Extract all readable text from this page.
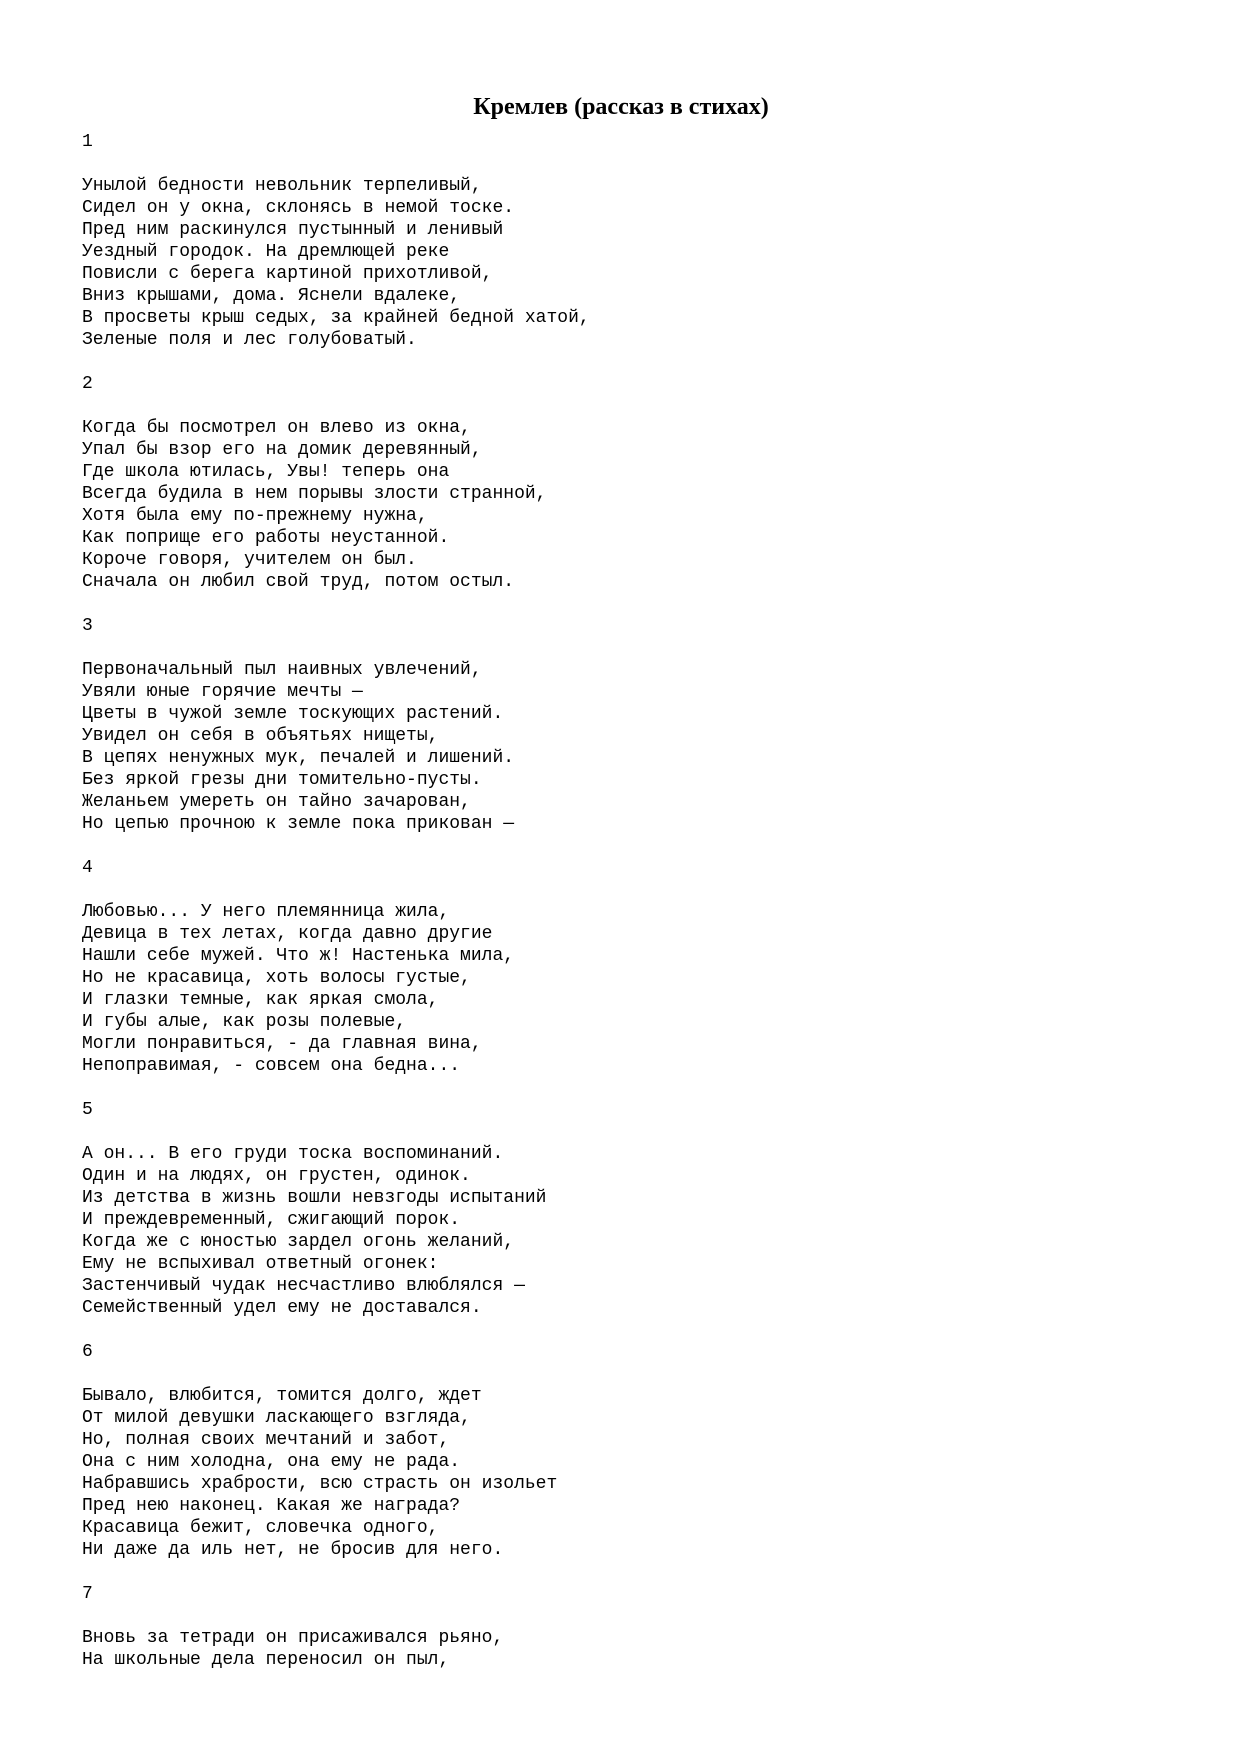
Кремлев (рассказ в стихах)
1
Унылой бедности невольник терпеливый,
Сидел он у окна, склонясь в немой тоске.
Пред ним раскинулся пустынный и ленивый
Уездный городок. На дремлющей реке
Повисли с берега картиной прихотливой,
Вниз крышами, дома. Яснели вдалеке,
В просветы крыш седых, за крайней бедной хатой,
Зеленые поля и лес голубоватый.
2
Когда бы посмотрел он влево из окна,
Упал бы взор его на домик деревянный,
Где школа ютилась, Увы! теперь она
Всегда будила в нем порывы злости странной,
Хотя была ему по-прежнему нужна,
Как поприще его работы неустанной.
Короче говоря, учителем он был.
Сначала он любил свой труд, потом остыл.
3
Первоначальный пыл наивных увлечений,
Увяли юные горячие мечты —
Цветы в чужой земле тоскующих растений.
Увидел он себя в объятьях нищеты,
В цепях ненужных мук, печалей и лишений.
Без яркой грезы дни томительно-пусты.
Желаньем умереть он тайно зачарован,
Но цепью прочною к земле пока прикован —
4
Любовью... У него племянница жила,
Девица в тех летах, когда давно другие
Нашли себе мужей. Что ж! Настенька мила,
Но не красавица, хоть волосы густые,
И глазки темные, как яркая смола,
И губы алые, как розы полевые,
Могли понравиться, - да главная вина,
Непоправимая, - совсем она бедна...
5
А он... В его груди тоска воспоминаний.
Один и на людях, он грустен, одинок.
Из детства в жизнь вошли невзгоды испытаний
И преждевременный, сжигающий порок.
Когда же с юностью зардел огонь желаний,
Ему не вспыхивал ответный огонек:
Застенчивый чудак несчастливо влюблялся —
Семейственный удел ему не доставался.
6
Бывало, влюбится, томится долго, ждет
От милой девушки ласкающего взгляда,
Но, полная своих мечтаний и забот,
Она с ним холодна, она ему не рада.
Набравшись храбрости, всю страсть он изольет
Пред нею наконец. Какая же награда?
Красавица бежит, словечка одного,
Ни даже да иль нет, не бросив для него.
7
Вновь за тетради он присаживался рьяно,
На школьные дела переносил он пыл,
